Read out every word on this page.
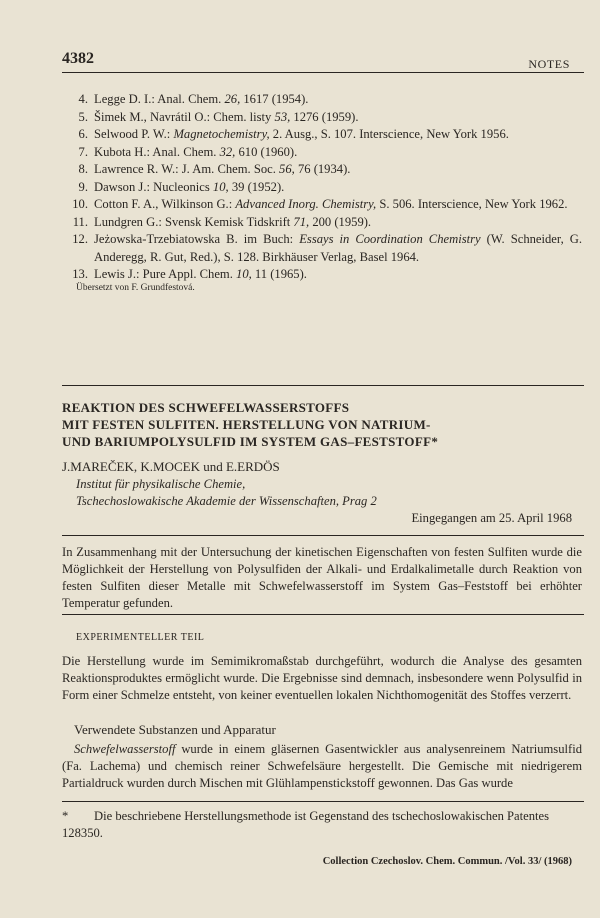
4382	NOTES
4. Legge D. I.: Anal. Chem. 26, 1617 (1954).
5. Šimek M., Navrátil O.: Chem. listy 53, 1276 (1959).
6. Selwood P. W.: Magnetochemistry, 2. Ausg., S. 107. Interscience, New York 1956.
7. Kubota H.: Anal. Chem. 32, 610 (1960).
8. Lawrence R. W.: J. Am. Chem. Soc. 56, 76 (1934).
9. Dawson J.: Nucleonics 10, 39 (1952).
10. Cotton F. A., Wilkinson G.: Advanced Inorg. Chemistry, S. 506. Interscience, New York 1962.
11. Lundgren G.: Svensk Kemisk Tidskrift 71, 200 (1959).
12. Jeżowska-Trzebiatowska B. im Buch: Essays in Coordination Chemistry (W. Schneider, G. Anderegg, R. Gut, Red.), S. 128. Birkhäuser Verlag, Basel 1964.
13. Lewis J.: Pure Appl. Chem. 10, 11 (1965).
Übersetzt von F. Grundfestová.
REAKTION DES SCHWEFELWASSERSTOFFS
MIT FESTEN SULFITEN. HERSTELLUNG VON NATRIUM-
UND BARIUMPOLYSULFID IM SYSTEM GAS–FESTSTOFF*
J.MAREČEK, K.MOCEK und E.ERDÖS
Institut für physikalische Chemie,
Tschechoslowakische Akademie der Wissenschaften, Prag 2
Eingegangen am 25. April 1968
In Zusammenhang mit der Untersuchung der kinetischen Eigenschaften von festen Sulfiten wurde die Möglichkeit der Herstellung von Polysulfiden der Alkali- und Erdalkalimetalle durch Reaktion von festen Sulfiten dieser Metalle mit Schwefelwasserstoff im System Gas–Feststoff bei erhöhter Temperatur gefunden.
EXPERIMENTELLER TEIL
Die Herstellung wurde im Semimikromaßstab durchgeführt, wodurch die Analyse des gesamten Reaktionsproduktes ermöglicht wurde. Die Ergebnisse sind demnach, insbesondere wenn Polysulfid in Form einer Schmelze entsteht, von keiner eventuellen lokalen Nichthomogenität des Stoffes verzerrt.
Verwendete Substanzen und Apparatur
Schwefelwasserstoff wurde in einem gläsernen Gasentwickler aus analysenreinem Natriumsulfid (Fa. Lachema) und chemisch reiner Schwefelsäure hergestellt. Die Gemische mit niedrigerem Partialdruck wurden durch Mischen mit Glühlampenstickstoff gewonnen. Das Gas wurde
* Die beschriebene Herstellungsmethode ist Gegenstand des tschechoslowakischen Patentes 128350.
Collection Czechoslov. Chem. Commun. /Vol. 33/ (1968)
